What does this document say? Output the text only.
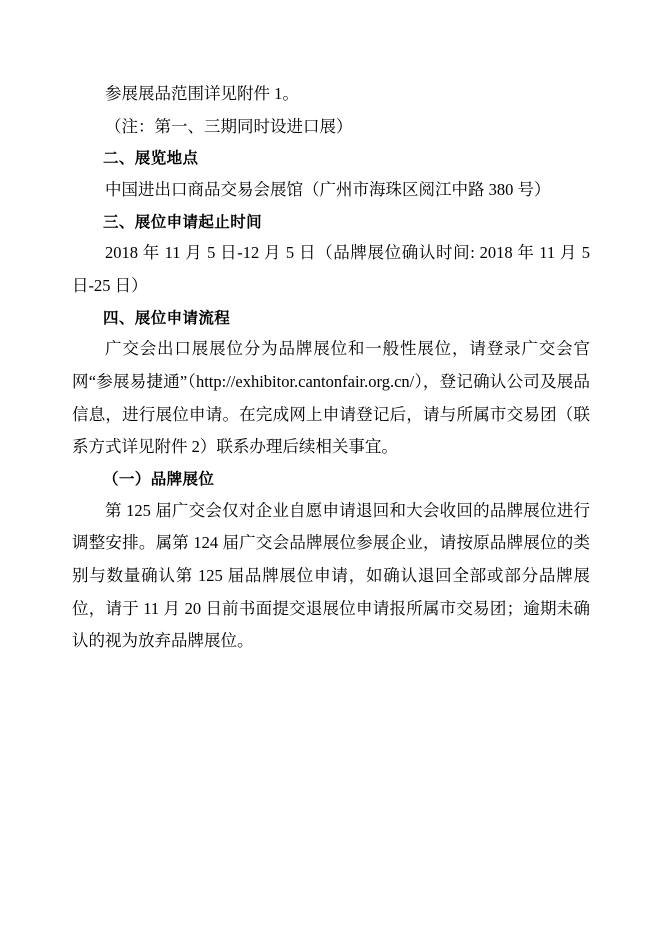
参展展品范围详见附件 1。

（注：第一、三期同时设进口展）

二、展览地点

中国进出口商品交易会展馆（广州市海珠区阅江中路 380 号）

三、展位申请起止时间

2018 年 11 月 5 日-12 月 5 日（品牌展位确认时间: 2018 年 11 月 5 日-25 日）

四、展位申请流程

广交会出口展展位分为品牌展位和一般性展位，请登录广交会官网“参展易捷通”（http://exhibitor.cantonfair.org.cn/），登记确认公司及展品信息，进行展位申请。在完成网上申请登记后，请与所属市交易团（联系方式详见附件 2）联系办理后续相关事宜。

（一）品牌展位

第 125 届广交会仅对企业自愿申请退回和大会收回的品牌展位进行调整安排。属第 124 届广交会品牌展位参展企业，请按原品牌展位的类别与数量确认第 125 届品牌展位申请，如确认退回全部或部分品牌展位，请于 11 月 20 日前书面提交退展位申请报所属市交易团；逾期未确认的视为放弃品牌展位。
